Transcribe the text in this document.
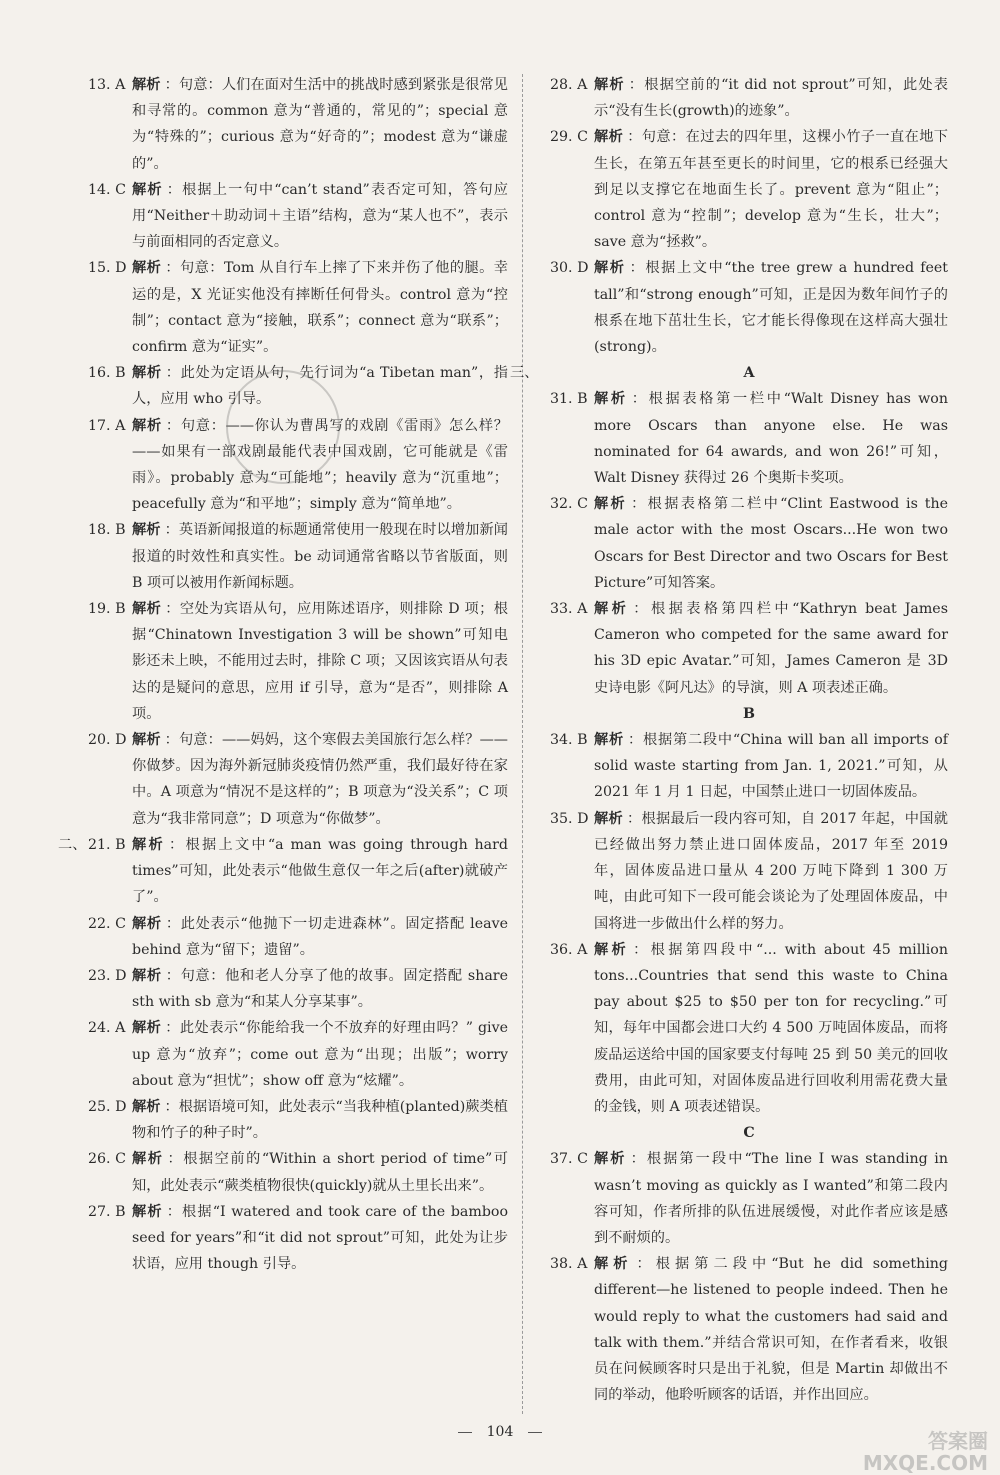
13. A 解析 ：句意：人们在面对生活中的挑战时感到紧张是很常见和寻常的。common 意为“普通的，常见的”；special 意为“特殊的”；curious 意为“好奇的”；modest 意为“谦虚的”。
14. C 解析 ：根据上一句中“can’t stand”表否定可知，答句应用“Neither＋助动词＋主语”结构，意为“某人也不”，表示与前面相同的否定意义。
15. D 解析 ：句意：Tom 从自行车上摔了下来并伤了他的腿。幸运的是，X 光证实他没有摔断任何骨头。control 意为“控制”；contact 意为“接触，联系”；connect 意为“联系”；confirm 意为“证实”。
16. B 解析 ：此处为定语从句，先行词为“a Tibetan man”，指人，应用 who 引导。
17. A 解析 ：句意：——你认为曹禺写的戏剧《雷雨》怎么样？——如果有一部戏剧最能代表中国戏剧，它可能就是《雷雨》。probably 意为“可能地”；heavily 意为“沉重地”；peacefully 意为“和平地”；simply 意为“简单地”。
18. B 解析 ：英语新闻报道的标题通常使用一般现在时以增加新闻报道的时效性和真实性。be 动词通常省略以节省版面，则 B 项可以被用作新闻标题。
19. B 解析 ：空处为宾语从句，应用陈述语序，则排除 D 项；根据“Chinatown Investigation 3 will be shown”可知电影还未上映，不能用过去时，排除 C 项；又因该宾语从句表达的是疑问的意思，应用 if 引导，意为“是否”，则排除 A 项。
20. D 解析 ：句意：——妈妈，这个寒假去美国旅行怎么样？——你做梦。因为海外新冠肺炎疫情仍然严重，我们最好待在家中。A 项意为“情况不是这样的”；B 项意为“没关系”；C 项意为“我非常同意”；D 项意为“你做梦”。
二、 21. B 解析 ：根据上文中“a man was going through hard times”可知，此处表示“他做生意仅一年之后(after)就破产了”。
22. C 解析 ：此处表示“他抛下一切走进森林”。固定搭配 leave behind 意为“留下；遗留”。
23. D 解析 ：句意：他和老人分享了他的故事。固定搭配 share sth with sb 意为“和某人分享某事”。
24. A 解析 ：此处表示“你能给我一个不放弃的好理由吗？” give up 意为“放弃”；come out 意为“出现；出版”；worry about 意为“担忧”；show off 意为“炫耀”。
25. D 解析 ：根据语境可知，此处表示“当我种植(planted)蕨类植物和竹子的种子时”。
26. C 解析 ：根据空前的“Within a short period of time”可知，此处表示“蕨类植物很快(quickly)就从土里长出来”。
27. B 解析 ：根据“I watered and took care of the bamboo seed for years”和“it did not sprout”可知，此处为让步状语，应用 though 引导。
28. A 解析 ：根据空前的“it did not sprout”可知，此处表示“没有生长(growth)的迹象”。
29. C 解析 ：句意：在过去的四年里，这棵小竹子一直在地下生长，在第五年甚至更长的时间里，它的根系已经强大到足以支撑它在地面生长了。prevent 意为“阻止”；control 意为“控制”；develop 意为“生长，壮大”；save 意为“拯救”。
30. D 解析 ：根据上文中“the tree grew a hundred feet tall”和“strong enough”可知，正是因为数年间竹子的根系在地下茁壮生长，它才能长得像现在这样高大强壮(strong)。
三、	A
31. B 解析 ：根据表格第一栏中“Walt Disney has won more Oscars than anyone else. He was nominated for 64 awards, and won 26!”可知，Walt Disney 获得过 26 个奥斯卡奖项。
32. C 解析 ：根据表格第二栏中“Clint Eastwood is the male actor with the most Oscars...He won two Oscars for Best Director and two Oscars for Best Picture”可知答案。
33. A 解析 ：根据表格第四栏中“Kathryn beat James Cameron who competed for the same award for his 3D epic Avatar.”可知，James Cameron 是 3D 史诗电影《阿凡达》的导演，则 A 项表述正确。
B
34. B 解析 ：根据第二段中“China will ban all imports of solid waste starting from Jan. 1, 2021.”可知，从 2021 年 1 月 1 日起，中国禁止进口一切固体废品。
35. D 解析 ：根据最后一段内容可知，自 2017 年起，中国就已经做出努力禁止进口固体废品，2017 年至 2019 年，固体废品进口量从 4 200 万吨下降到 1 300 万吨，由此可知下一段可能会谈论为了处理固体废品，中国将进一步做出什么样的努力。
36. A 解析 ：根据第四段中“... with about 45 million tons...Countries that send this waste to China pay about $25 to $50 per ton for recycling.”可知，每年中国都会进口大约 4 500 万吨固体废品，而将废品运送给中国的国家要支付每吨 25 到 50 美元的回收费用，由此可知，对固体废品进行回收利用需花费大量的金钱，则 A 项表述错误。
C
37. C 解析 ：根据第一段中“The line I was standing in wasn’t moving as quickly as I wanted”和第二段内容可知，作者所排的队伍进展缓慢，对此作者应该是感到不耐烦的。
38. A 解析 ：根据第二段中“But he did something different—he listened to people indeed. Then he would reply to what the customers had said and talk with them.”并结合常识可知，在作者看来，收银员在问候顾客时只是出于礼貌，但是 Martin 却做出不同的举动，他聆听顾客的话语，并作出回应。
104	答案圈
MXQE.COM
